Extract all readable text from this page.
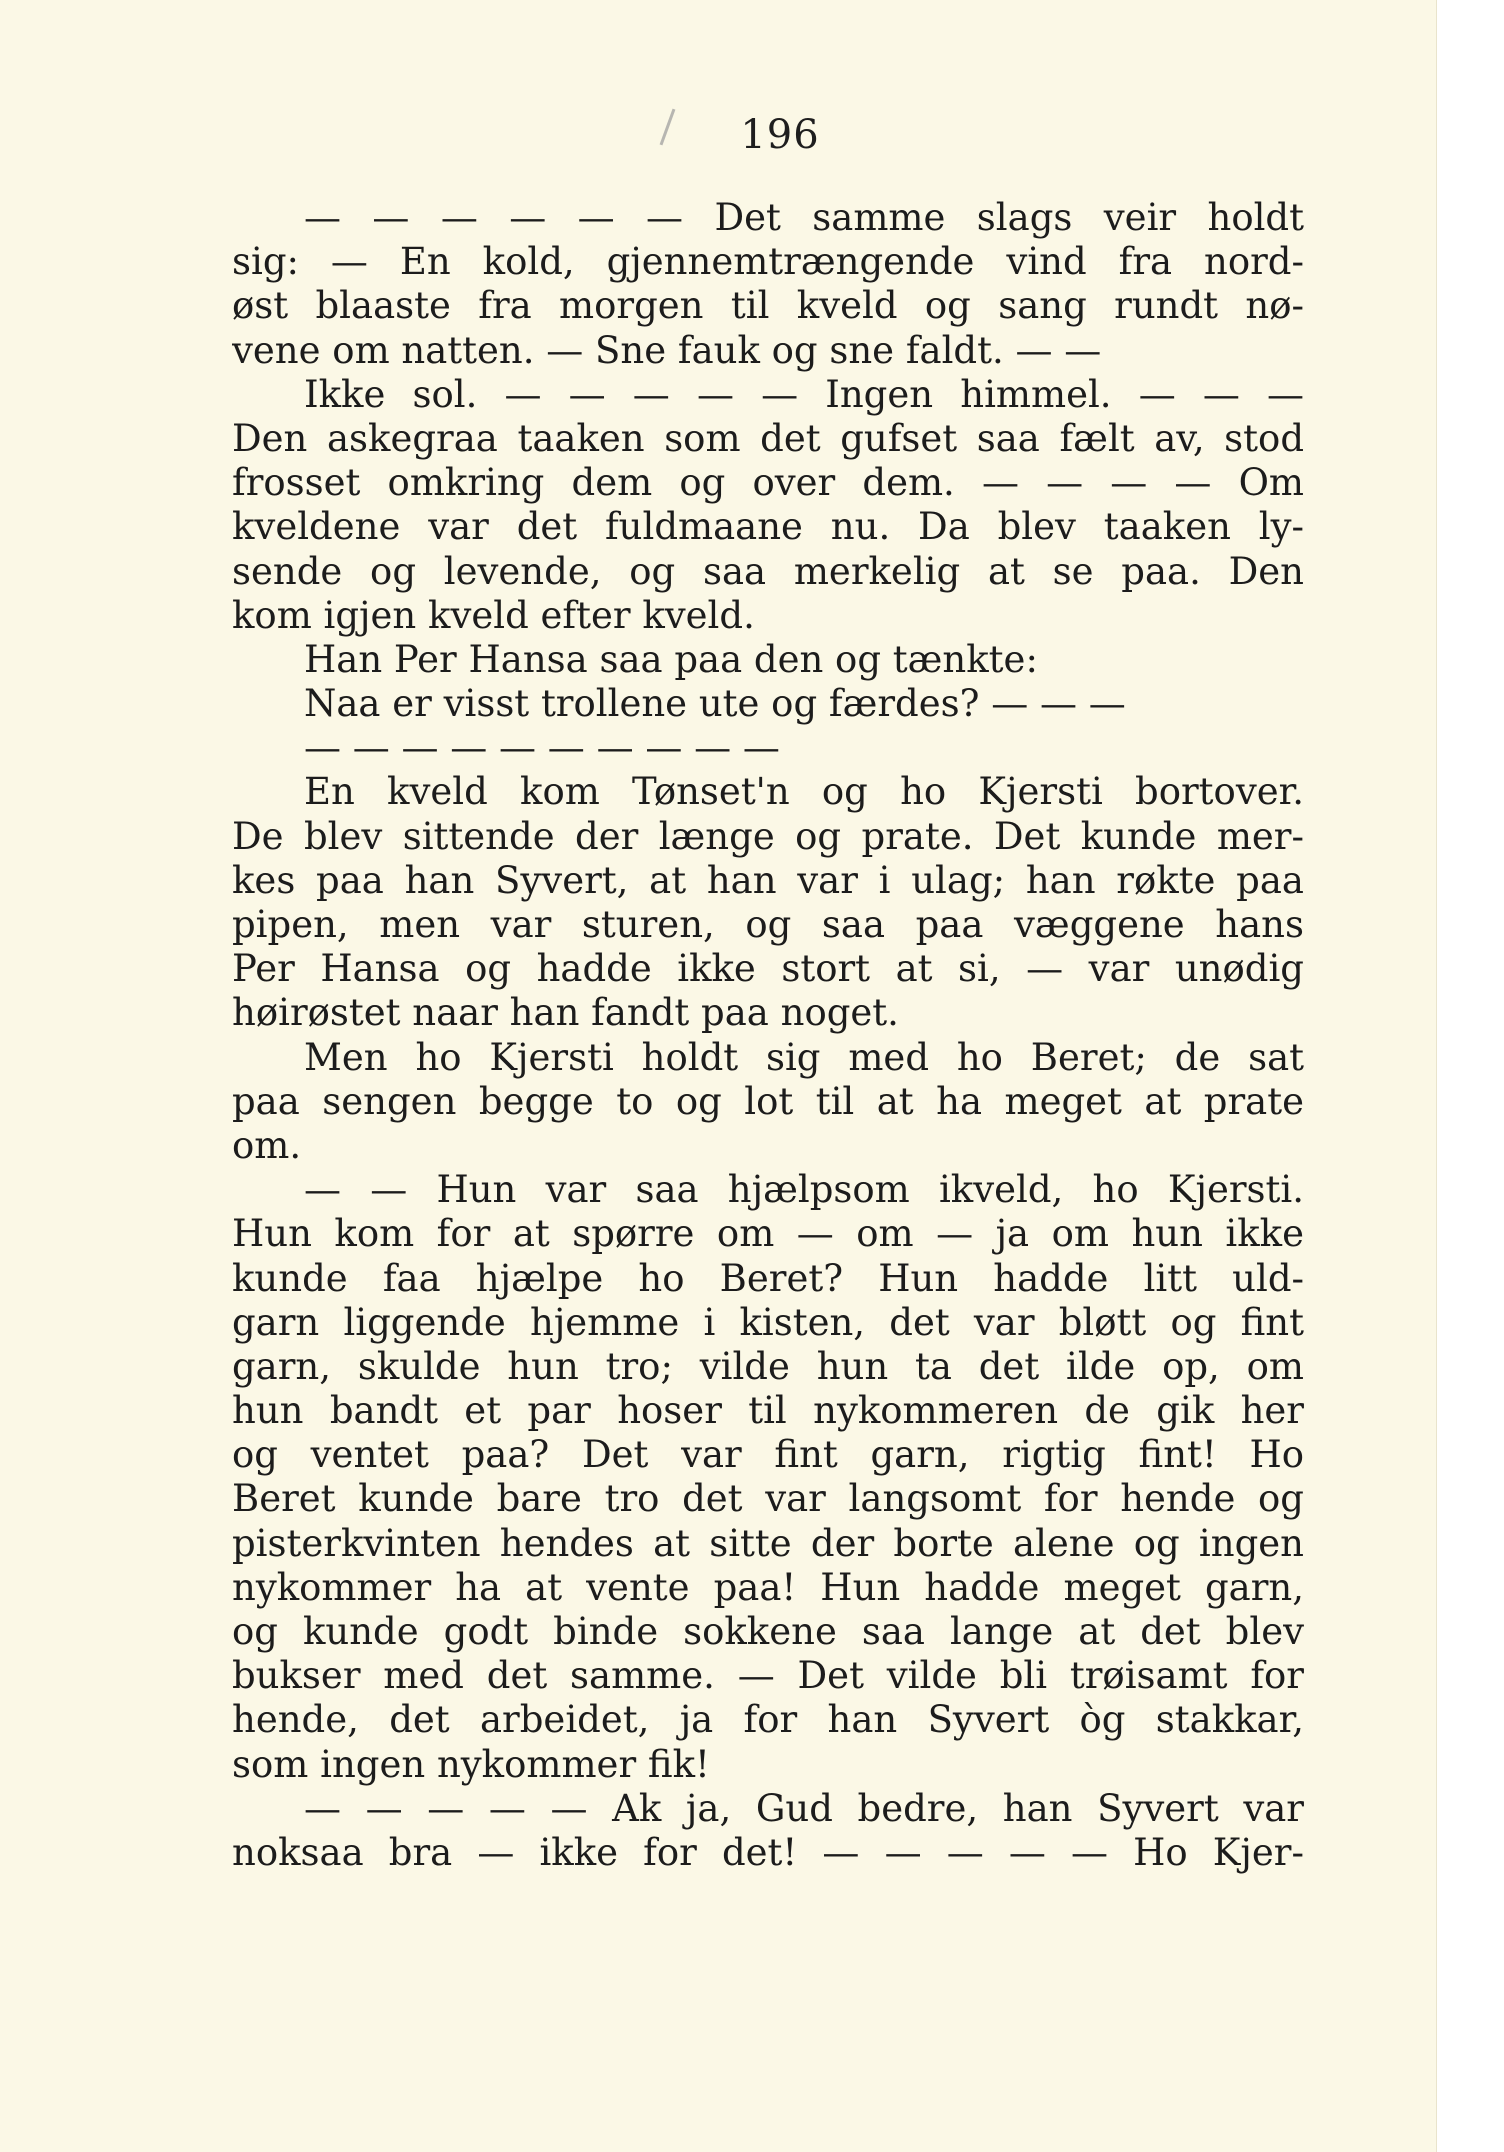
196
— — — — — — Det samme slags veir holdt
sig: — En kold, gjennemtrængende vind fra nord-
øst blaaste fra morgen til kveld og sang rundt nø-
vene om natten. — Sne fauk og sne faldt. — —
Ikke sol. — — — — — Ingen himmel. — — —
Den askegraa taaken som det gufset saa fælt av, stod
frosset omkring dem og over dem. — — — — Om
kveldene var det fuldmaane nu. Da blev taaken ly-
sende og levende, og saa merkelig at se paa. Den
kom igjen kveld efter kveld.
Han Per Hansa saa paa den og tænkte:
Naa er visst trollene ute og færdes? — — —
— — — — — — — — — —
En kveld kom Tønset'n og ho Kjersti bortover.
De blev sittende der længe og prate. Det kunde mer-
kes paa han Syvert, at han var i ulag; han røkte paa
pipen, men var sturen, og saa paa væggene hans
Per Hansa og hadde ikke stort at si, — var unødig
høirøstet naar han fandt paa noget.
Men ho Kjersti holdt sig med ho Beret; de sat
paa sengen begge to og lot til at ha meget at prate
om.
— — Hun var saa hjælpsom ikveld, ho Kjersti.
Hun kom for at spørre om — om — ja om hun ikke
kunde faa hjælpe ho Beret? Hun hadde litt uld-
garn liggende hjemme i kisten, det var bløtt og fint
garn, skulde hun tro; vilde hun ta det ilde op, om
hun bandt et par hoser til nykommeren de gik her
og ventet paa? Det var fint garn, rigtig fint! Ho
Beret kunde bare tro det var langsomt for hende og
pisterkvinten hendes at sitte der borte alene og ingen
nykommer ha at vente paa! Hun hadde meget garn,
og kunde godt binde sokkene saa lange at det blev
bukser med det samme. — Det vilde bli trøisamt for
hende, det arbeidet, ja for han Syvert òg stakkar,
som ingen nykommer fik!
— — — — — Ak ja, Gud bedre, han Syvert var
noksaa bra — ikke for det! — — — — — Ho Kjer-
